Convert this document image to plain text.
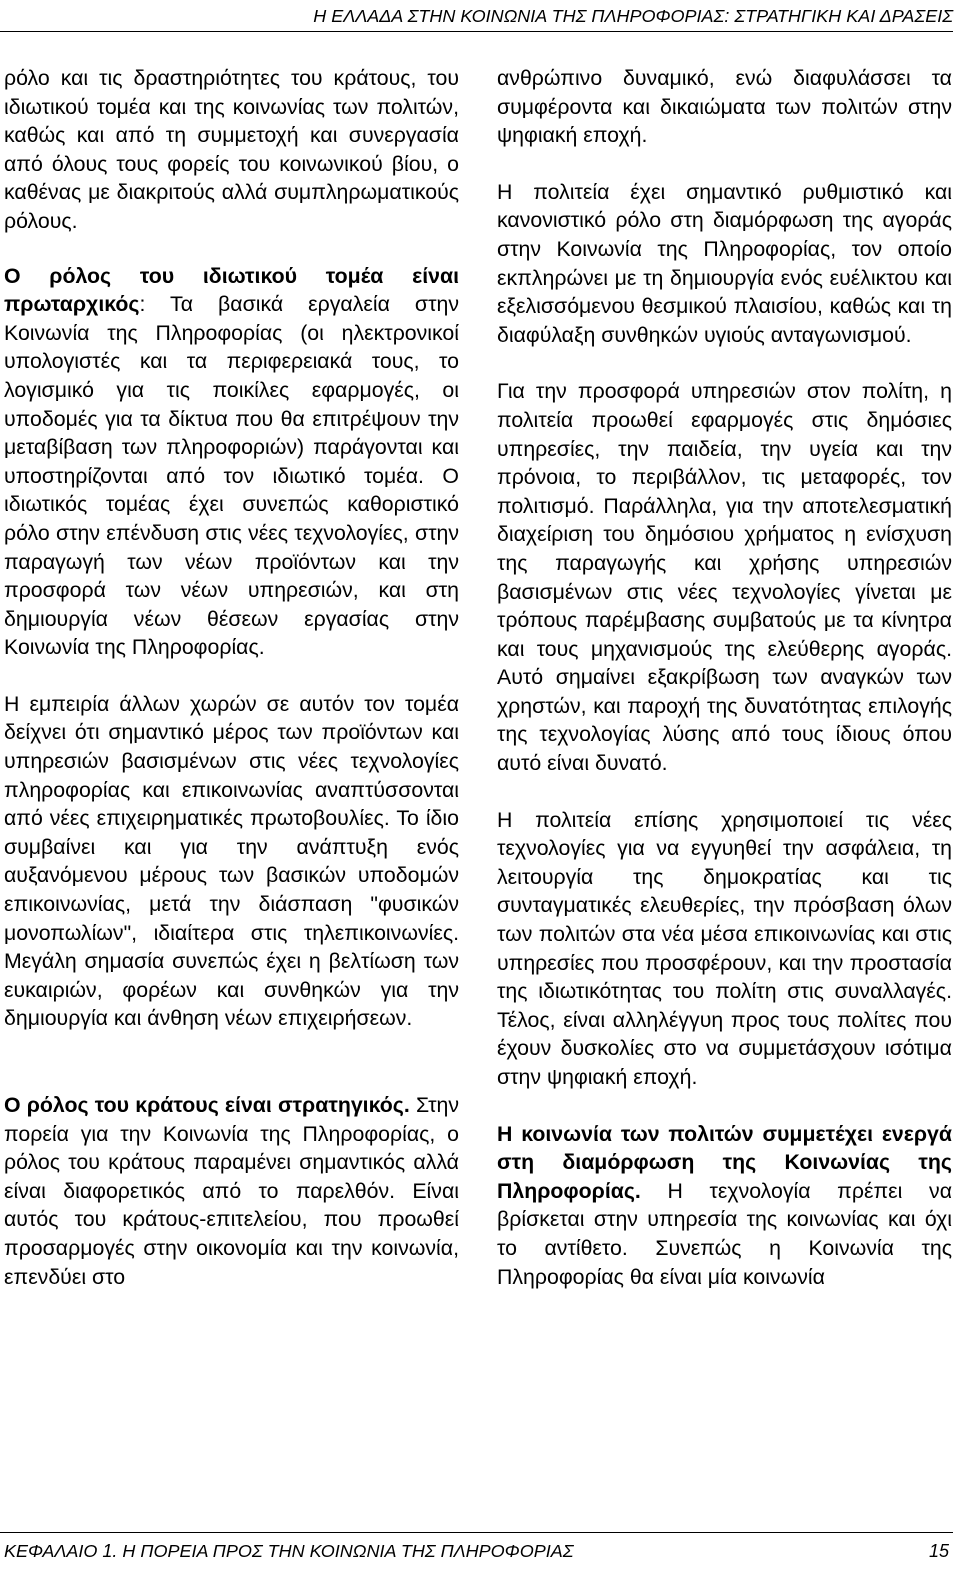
Η ΕΛΛΑΔΑ ΣΤΗΝ ΚΟΙΝΩΝΙΑ ΤΗΣ ΠΛΗΡΟΦΟΡΙΑΣ: ΣΤΡΑΤΗΓΙΚΗ ΚΑΙ ΔΡΑΣΕΙΣ

ρόλο και τις δραστηριότητες του κράτους, του ιδιωτικού τομέα και της κοινωνίας των πολιτών, καθώς και από τη συμμετοχή και συνεργασία από όλους τους φορείς του κοινωνικού βίου, ο καθένας με διακριτούς αλλά συμπληρωματικούς ρόλους.

Ο ρόλος του ιδιωτικού τομέα είναι πρωταρχικός: Τα βασικά εργαλεία στην Κοινωνία της Πληροφορίας (οι ηλεκτρονικοί υπολογιστές και τα περιφερειακά τους, το λογισμικό για τις ποικίλες εφαρμογές, οι υποδομές για τα δίκτυα που θα επιτρέψουν την μεταβίβαση των πληροφοριών) παράγονται και υποστηρίζονται από τον ιδιωτικό τομέα. Ο ιδιωτικός τομέας έχει συνεπώς καθοριστικό ρόλο στην επένδυση στις νέες τεχνολογίες, στην παραγωγή των νέων προϊόντων και την προσφορά των νέων υπηρεσιών, και στη δημιουργία νέων θέσεων εργασίας στην Κοινωνία της Πληροφορίας.

Η εμπειρία άλλων χωρών σε αυτόν τον τομέα δείχνει ότι σημαντικό μέρος των προϊόντων και υπηρεσιών βασισμένων στις νέες τεχνολογίες πληροφορίας και επικοινωνίας αναπτύσσονται από νέες επιχειρηματικές πρωτοβουλίες. Το ίδιο συμβαίνει και για την ανάπτυξη ενός αυξανόμενου μέρους των βασικών υποδομών επικοινωνίας, μετά την διάσπαση "φυσικών μονοπωλίων", ιδιαίτερα στις τηλεπικοινωνίες. Μεγάλη σημασία συνεπώς έχει η βελτίωση των ευκαιριών, φορέων και συνθηκών για την δημιουργία και άνθηση νέων επιχειρήσεων.

Ο ρόλος του κράτους είναι στρατηγικός. Στην πορεία για την Κοινωνία της Πληροφορίας, ο ρόλος του κράτους παραμένει σημαντικός αλλά είναι διαφορετικός από το παρελθόν. Είναι αυτός του κράτους-επιτελείου, που προωθεί προσαρμογές στην οικονομία και την κοινωνία, επενδύει στο

ανθρώπινο δυναμικό, ενώ διαφυλάσσει τα συμφέροντα και δικαιώματα των πολιτών στην ψηφιακή εποχή.

Η πολιτεία έχει σημαντικό ρυθμιστικό και κανονιστικό ρόλο στη διαμόρφωση της αγοράς στην Κοινωνία της Πληροφορίας, τον οποίο εκπληρώνει με τη δημιουργία ενός ευέλικτου και εξελισσόμενου θεσμικού πλαισίου, καθώς και τη διαφύλαξη συνθηκών υγιούς ανταγωνισμού.

Για την προσφορά υπηρεσιών στον πολίτη, η πολιτεία προωθεί εφαρμογές στις δημόσιες υπηρεσίες, την παιδεία, την υγεία και την πρόνοια, το περιβάλλον, τις μεταφορές, τον πολιτισμό. Παράλληλα, για την αποτελεσματική διαχείριση του δημόσιου χρήματος η ενίσχυση της παραγωγής και χρήσης υπηρεσιών βασισμένων στις νέες τεχνολογίες γίνεται με τρόπους παρέμβασης συμβατούς με τα κίνητρα και τους μηχανισμούς της ελεύθερης αγοράς. Αυτό σημαίνει εξακρίβωση των αναγκών των χρηστών, και παροχή της δυνατότητας επιλογής της τεχνολογίας λύσης από τους ίδιους όπου αυτό είναι δυνατό.

Η πολιτεία επίσης χρησιμοποιεί τις νέες τεχνολογίες για να εγγυηθεί την ασφάλεια, τη λειτουργία της δημοκρατίας και τις συνταγματικές ελευθερίες, την πρόσβαση όλων των πολιτών στα νέα μέσα επικοινωνίας και στις υπηρεσίες που προσφέρουν, και την προστασία της ιδιωτικότητας του πολίτη στις συναλλαγές. Τέλος, είναι αλληλέγγυη προς τους πολίτες που έχουν δυσκολίες στο να συμμετάσχουν ισότιμα στην ψηφιακή εποχή.

Η κοινωνία των πολιτών συμμετέχει ενεργά στη διαμόρφωση της Κοινωνίας της Πληροφορίας. Η τεχνολογία πρέπει να βρίσκεται στην υπηρεσία της κοινωνίας και όχι το αντίθετο. Συνεπώς η Κοινωνία της Πληροφορίας θα είναι μία κοινωνία

ΚΕΦΑΛΑΙΟ 1. Η ΠΟΡΕΙΑ ΠΡΟΣ ΤΗΝ ΚΟΙΝΩΝΙΑ ΤΗΣ ΠΛΗΡΟΦΟΡΙΑΣ	15
